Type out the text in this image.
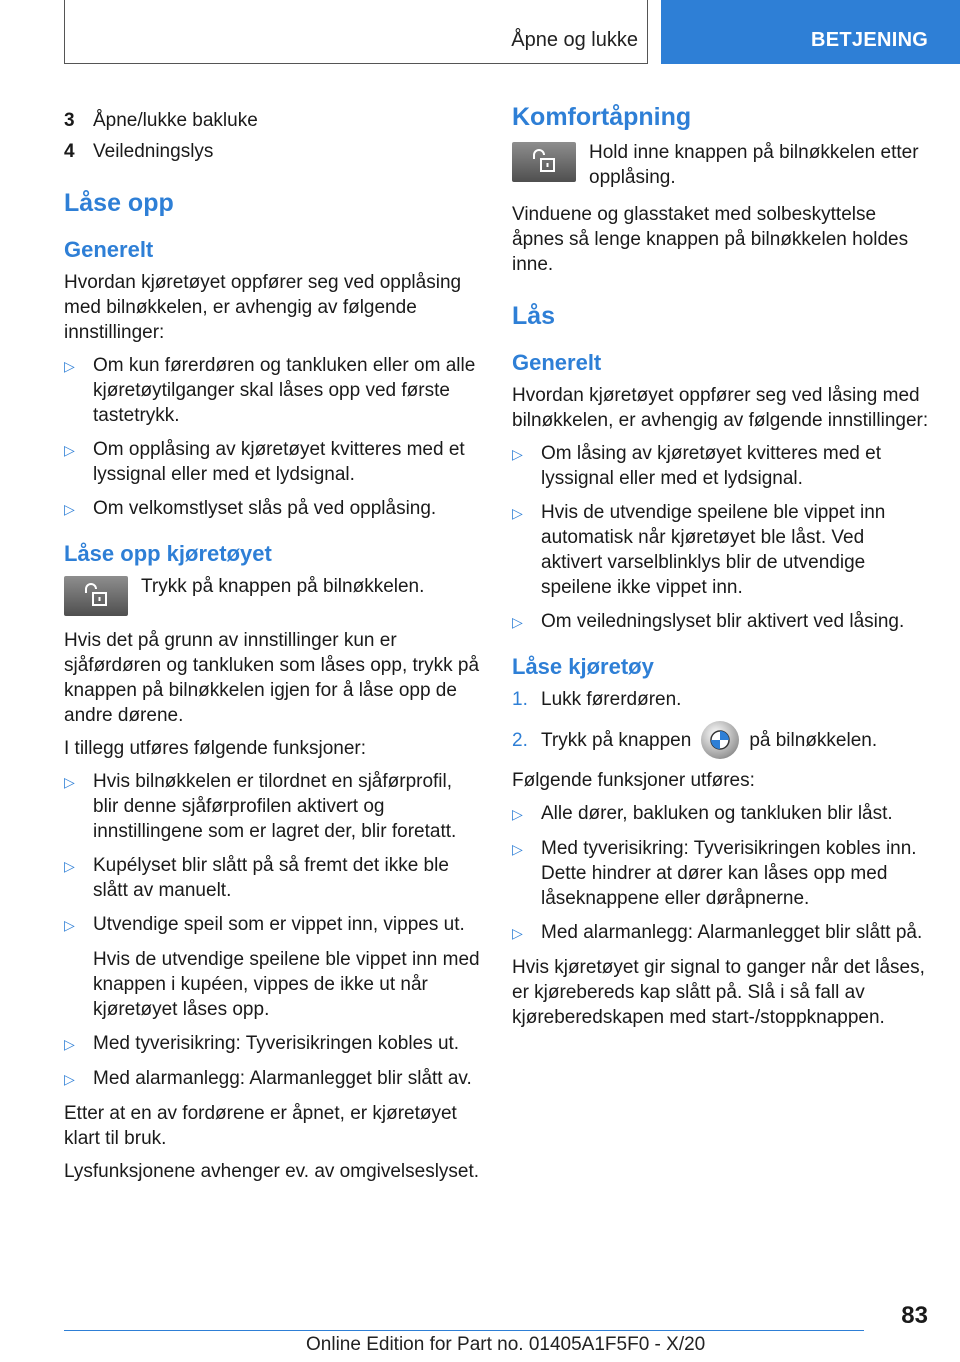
Åpne og lukke	BETJENING
3 Åpne/lukke bakluke
4 Veiledningslys
Låse opp
Generelt
Hvordan kjøretøyet oppfører seg ved opplåsing med bilnøkkelen, er avhengig av følgende innstillinger:
▷ Om kun førerdøren og tankluken eller om alle kjøretøytilganger skal låses opp ved første tastetrykk.
▷ Om opplåsing av kjøretøyet kvitteres med et lyssignal eller med et lydsignal.
▷ Om velkomstlyset slås på ved opplåsing.
Låse opp kjøretøyet
Trykk på knappen på bilnøkkelen.
Hvis det på grunn av innstillinger kun er sjåførdøren og tankluken som låses opp, trykk på knappen på bilnøkkelen igjen for å låse opp de andre dørene.
I tillegg utføres følgende funksjoner:
▷ Hvis bilnøkkelen er tilordnet en sjåførprofil, blir denne sjåførprofilen aktivert og innstillingene som er lagret der, blir foretatt.
▷ Kupélyset blir slått på så fremt det ikke ble slått av manuelt.
▷ Utvendige speil som er vippet inn, vippes ut.
Hvis de utvendige speilene ble vippet inn med knappen i kupéen, vippes de ikke ut når kjøretøyet låses opp.
▷ Med tyverisikring: Tyverisikringen kobles ut.
▷ Med alarmanlegg: Alarmanlegget blir slått av.
Etter at en av fordørene er åpnet, er kjøretøyet klart til bruk.
Lysfunksjonene avhenger ev. av omgivelseslyset.
Komfortåpning
Hold inne knappen på bilnøkkelen etter opplåsing.
Vinduene og glasstaket med solbeskyttelse åpnes så lenge knappen på bilnøkkelen holdes inne.
Lås
Generelt
Hvordan kjøretøyet oppfører seg ved låsing med bilnøkkelen, er avhengig av følgende innstillinger:
▷ Om låsing av kjøretøyet kvitteres med et lyssignal eller med et lydsignal.
▷ Hvis de utvendige speilene ble vippet inn automatisk når kjøretøyet ble låst. Ved aktivert varselblinklys blir de utvendige speilene ikke vippet inn.
▷ Om veiledningslyset blir aktivert ved låsing.
Låse kjøretøy
1. Lukk førerdøren.
2. Trykk på knappen	på bilnøkkelen.
Følgende funksjoner utføres:
▷ Alle dører, bakluken og tankluken blir låst.
▷ Med tyverisikring: Tyverisikringen kobles inn. Dette hindrer at dører kan låses opp med låseknappene eller døråpnerne.
▷ Med alarmanlegg: Alarmanlegget blir slått på.
Hvis kjøretøyet gir signal to ganger når det låses, er kjørebereds kap slått på. Slå i så fall av kjøreberedskapen med start-/stoppknappen.
83
Online Edition for Part no. 01405A1F5F0 - X/20
